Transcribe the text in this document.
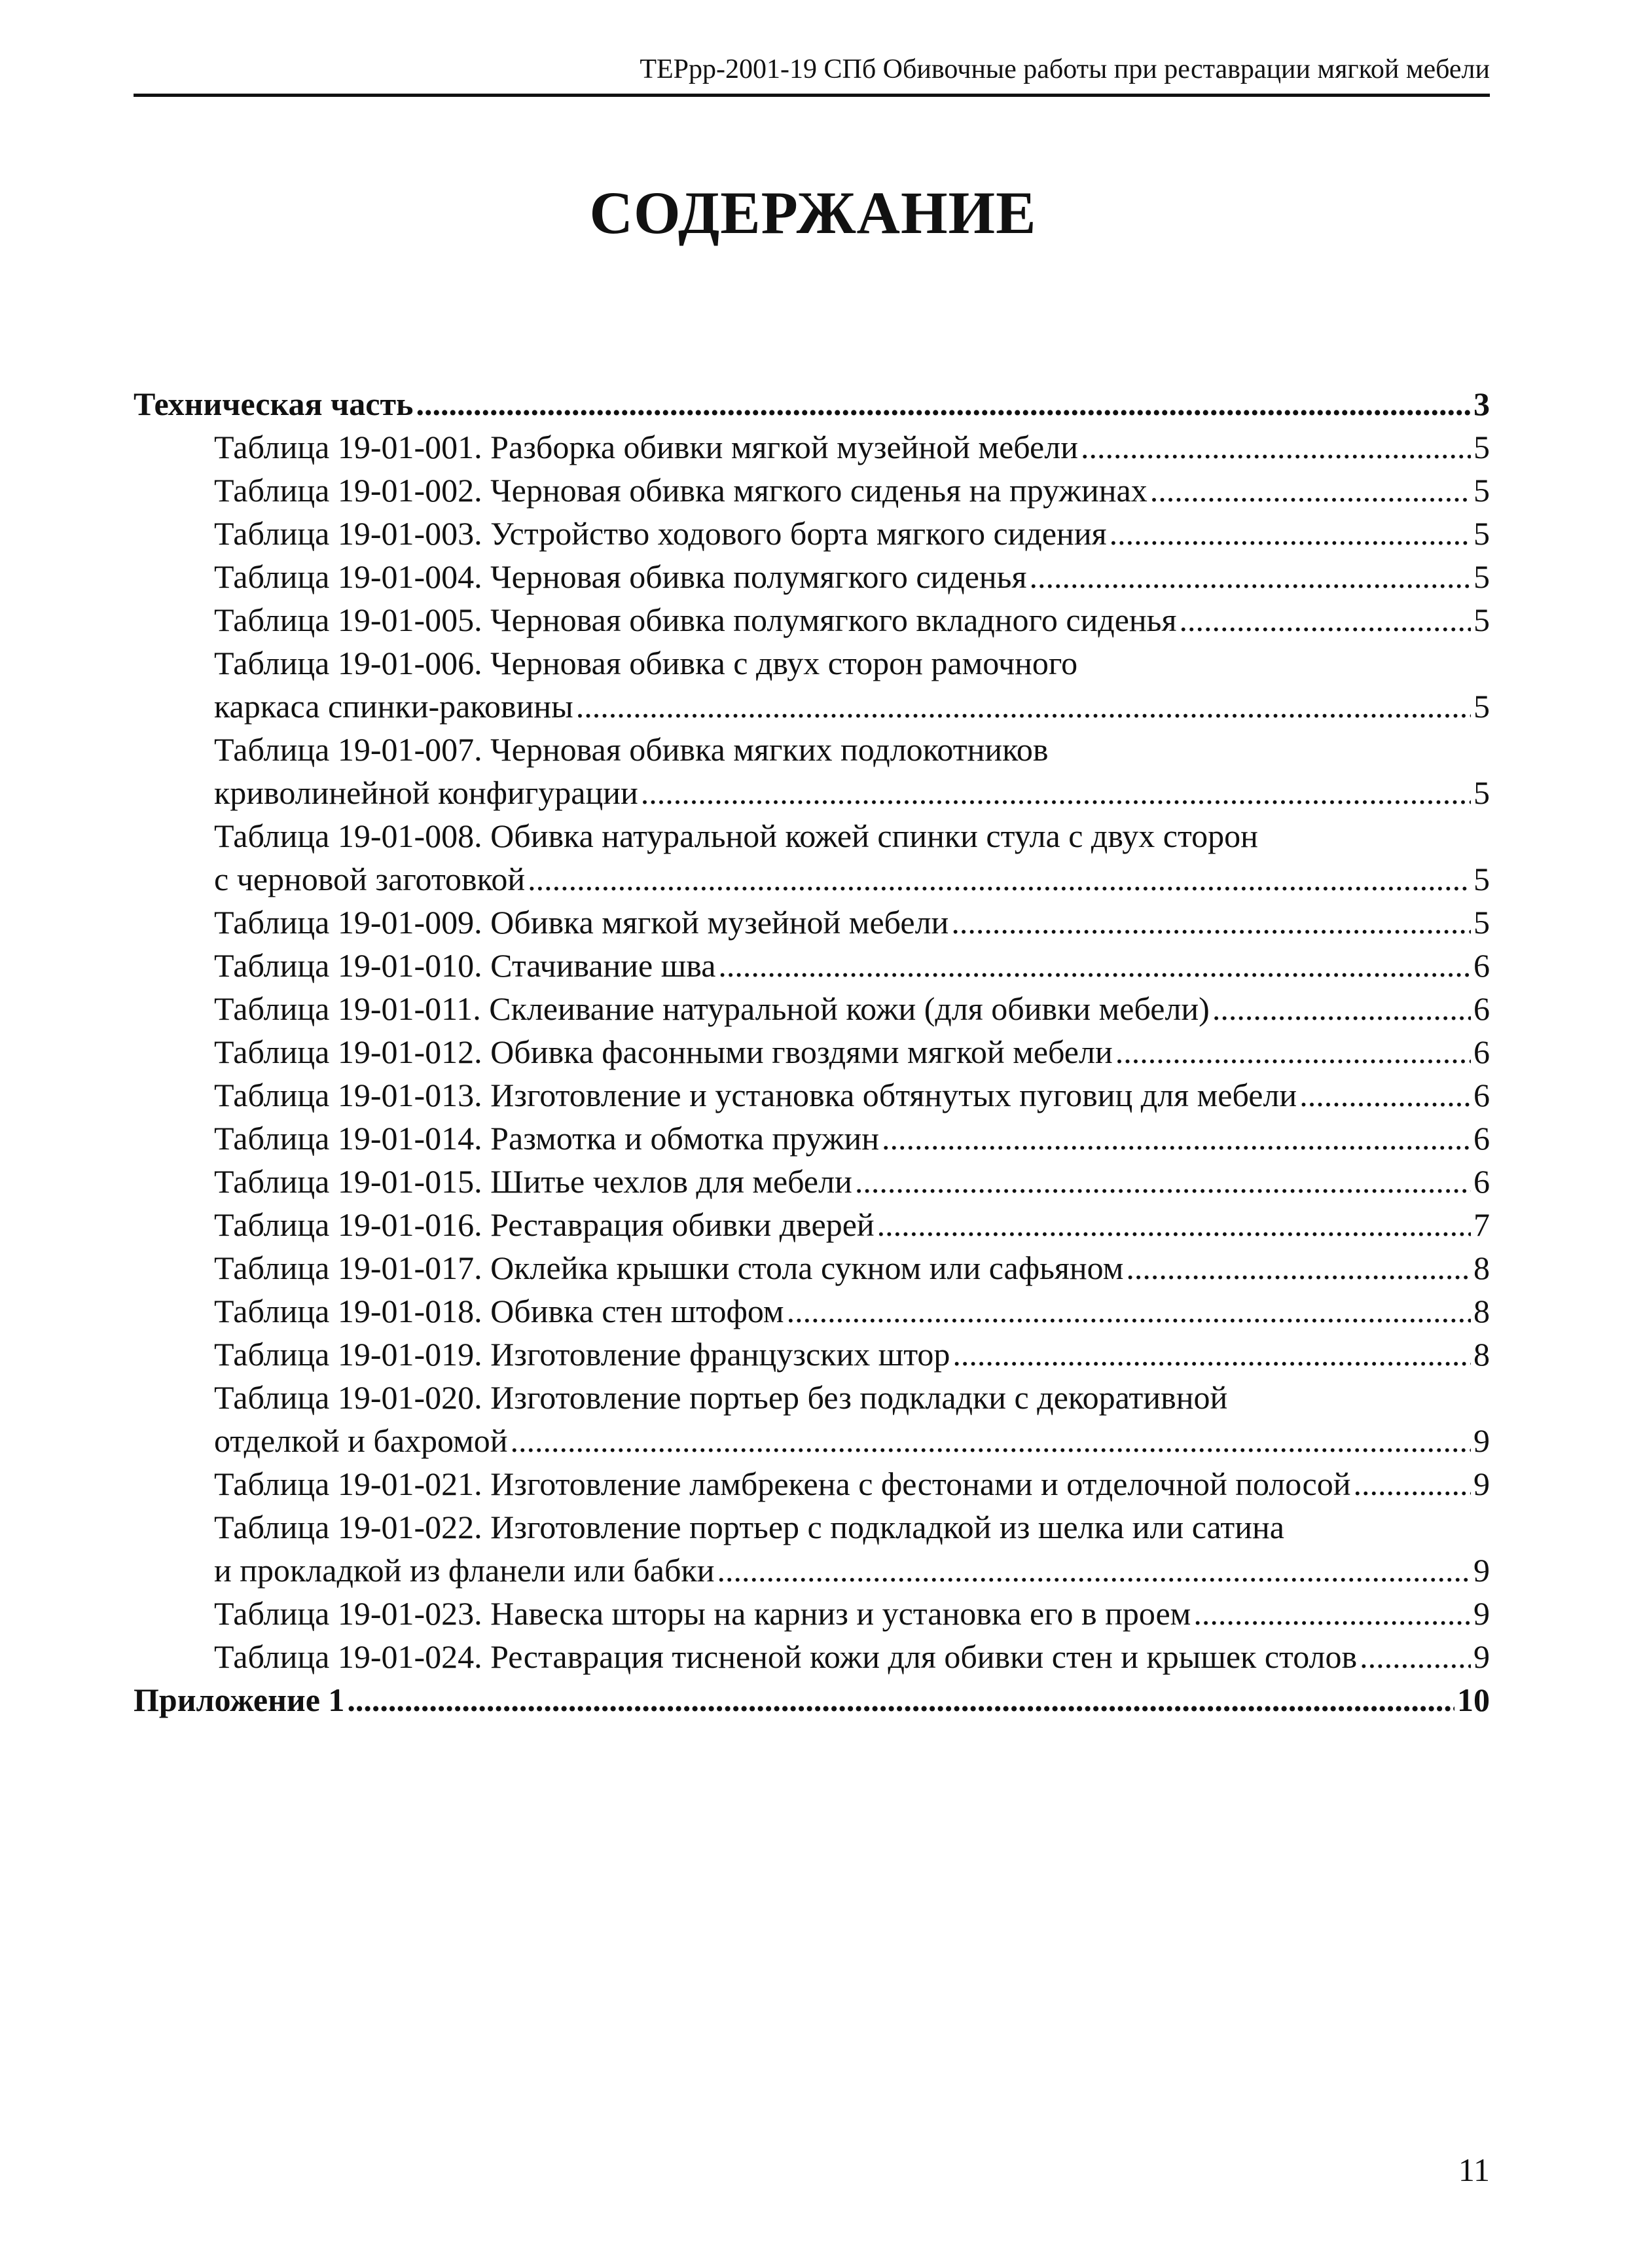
ТЕРрр-2001-19 СПб Обивочные работы при реставрации мягкой мебели
СОДЕРЖАНИЕ
Техническая часть .....	3
Таблица 19-01-001. Разборка обивки мягкой музейной мебели .....	5
Таблица 19-01-002. Черновая обивка мягкого сиденья на пружинах .....	5
Таблица 19-01-003. Устройство ходового борта мягкого сидения .....	5
Таблица 19-01-004. Черновая обивка полумягкого сиденья .....	5
Таблица 19-01-005. Черновая обивка полумягкого вкладного сиденья .....	5
Таблица 19-01-006. Черновая обивка с двух сторон рамочного
каркаса спинки-раковины .....	5
Таблица 19-01-007. Черновая обивка мягких подлокотников
криволинейной конфигурации .....	5
Таблица 19-01-008. Обивка натуральной кожей спинки стула с двух сторон
с черновой заготовкой .....	5
Таблица 19-01-009. Обивка мягкой музейной мебели .....	5
Таблица 19-01-010. Стачивание шва .....	6
Таблица 19-01-011. Склеивание натуральной кожи (для обивки мебели) .....	6
Таблица 19-01-012. Обивка фасонными гвоздями мягкой мебели .....	6
Таблица 19-01-013. Изготовление и установка обтянутых пуговиц для мебели .....	6
Таблица 19-01-014. Размотка и обмотка пружин .....	6
Таблица 19-01-015. Шитье чехлов для мебели .....	6
Таблица 19-01-016. Реставрация обивки дверей .....	7
Таблица 19-01-017. Оклейка крышки стола сукном или сафьяном .....	8
Таблица 19-01-018. Обивка стен штофом .....	8
Таблица 19-01-019. Изготовление французских штор .....	8
Таблица 19-01-020. Изготовление портьер без подкладки с декоративной
отделкой и бахромой .....	9
Таблица 19-01-021. Изготовление ламбрекена с фестонами и отделочной полосой .....	9
Таблица 19-01-022. Изготовление портьер с подкладкой из шелка или сатина
и прокладкой из фланели или бабки .....	9
Таблица 19-01-023. Навеска шторы на карниз и установка его в проем .....	9
Таблица 19-01-024. Реставрация тисненой кожи для обивки стен и крышек столов .....	9
Приложение 1 .....	10
11
